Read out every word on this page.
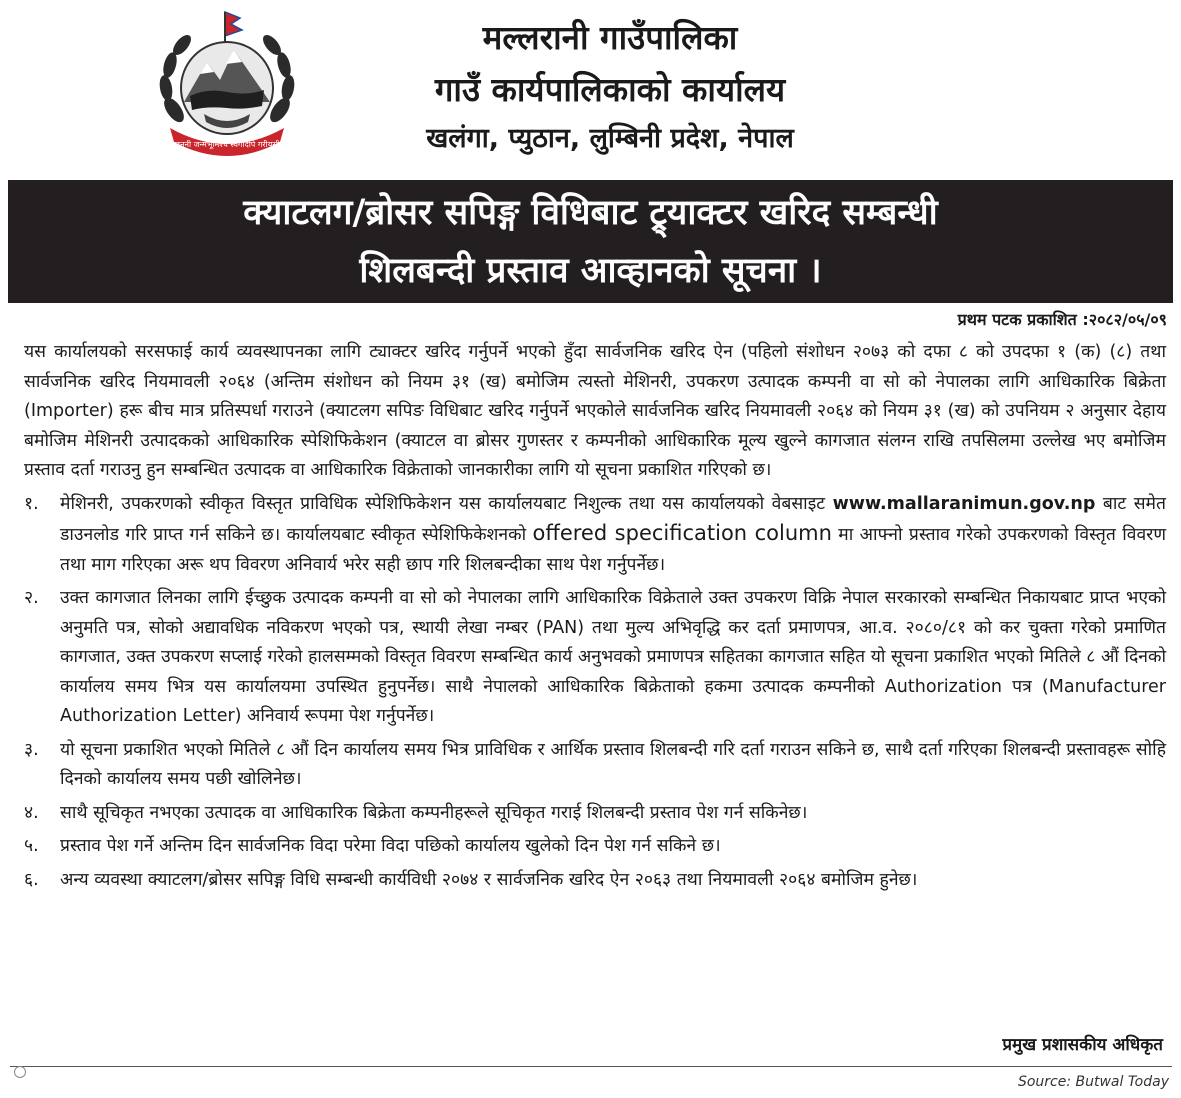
जननी जन्मभूमिश्च स्वर्गादपि गरीयसी
मल्लरानी गाउँपालिका
गाउँ कार्यपालिकाको कार्यालय
खलंगा, प्युठान, लुम्बिनी प्रदेश, नेपाल
क्याटलग/ब्रोसर सपिङ्ग विधिबाट ट्र्याक्टर खरिद सम्बन्धी
शिलबन्दी प्रस्ताव आव्हानको सूचना ।
प्रथम पटक प्रकाशित :२०८२/०५/०९

यस कार्यालयको सरसफाई कार्य व्यवस्थापनका लागि ट्याक्टर खरिद गर्नुपर्ने भएको हुँदा सार्वजनिक खरिद ऐन (पहिलो संशोधन २०७३ को दफा ८ को उपदफा १ (क) (८) तथा सार्वजनिक खरिद नियमावली २०६४ (अन्तिम संशोधन को नियम ३१ (ख) बमोजिम त्यस्तो मेशिनरी, उपकरण उत्पादक कम्पनी वा सो को नेपालका लागि आधिकारिक बिक्रेता (Importer) हरू बीच मात्र प्रतिस्पर्धा गराउने (क्याटलग सपिङ विधिबाट खरिद गर्नुपर्ने भएकोले सार्वजनिक खरिद नियमावली २०६४ को नियम ३१ (ख) को उपनियम २ अनुसार देहाय बमोजिम मेशिनरी उत्पादकको आधिकारिक स्पेशिफिकेशन (क्याटल वा ब्रोसर गुणस्तर र कम्पनीको आधिकारिक मूल्य खुल्ने कागजात संलग्न राखि तपसिलमा उल्लेख भए बमोजिम प्रस्ताव दर्ता गराउनु हुन सम्बन्धित उत्पादक वा आधिकारिक विक्रेताको जानकारीका लागि यो सूचना प्रकाशित गरिएको छ।

१.	मेशिनरी, उपकरणको स्वीकृत विस्तृत प्राविधिक स्पेशिफिकेशन यस कार्यालयबाट निशुल्क तथा यस कार्यालयको वेबसाइट www.mallaranimun.gov.np बाट समेत डाउनलोड गरि प्राप्त गर्न सकिने छ। कार्यालयबाट स्वीकृत स्पेशिफिकेशनको offered specification column मा आफ्नो प्रस्ताव गरेको उपकरणको विस्तृत विवरण तथा माग गरिएका अरू थप विवरण अनिवार्य भरेर सही छाप गरि शिलबन्दीका साथ पेश गर्नुपर्नेछ।
२.	उक्त कागजात लिनका लागि ईच्छुक उत्पादक कम्पनी वा सो को नेपालका लागि आधिकारिक विक्रेताले उक्त उपकरण विक्रि नेपाल सरकारको सम्बन्धित निकायबाट प्राप्त भएको अनुमति पत्र, सोको अद्यावधिक नविकरण भएको पत्र, स्थायी लेखा नम्बर (PAN) तथा मुल्य अभिवृद्धि कर दर्ता प्रमाणपत्र, आ.व. २०८०/८१ को कर चुक्ता गरेको प्रमाणित कागजात, उक्त उपकरण सप्लाई गरेको हालसम्मको विस्तृत विवरण सम्बन्धित कार्य अनुभवको प्रमाणपत्र सहितका कागजात सहित यो सूचना प्रकाशित भएको मितिले ८ औं दिनको कार्यालय समय भित्र यस कार्यालयमा उपस्थित हुनुपर्नेछ। साथै नेपालको आधिकारिक बिक्रेताको हकमा उत्पादक कम्पनीको Authorization पत्र (Manufacturer Authorization Letter) अनिवार्य रूपमा पेश गर्नुपर्नेछ।
३.	यो सूचना प्रकाशित भएको मितिले ८ औं दिन कार्यालय समय भित्र प्राविधिक र आर्थिक प्रस्ताव शिलबन्दी गरि दर्ता गराउन सकिने छ, साथै दर्ता गरिएका शिलबन्दी प्रस्तावहरू सोहि दिनको कार्यालय समय पछी खोलिनेछ।
४.	साथै सूचिकृत नभएका उत्पादक वा आधिकारिक बिक्रेता कम्पनीहरूले सूचिकृत गराई शिलबन्दी प्रस्ताव पेश गर्न सकिनेछ।
५.	प्रस्ताव पेश गर्ने अन्तिम दिन सार्वजनिक विदा परेमा विदा पछिको कार्यालय खुलेको दिन पेश गर्न सकिने छ।
६.	अन्य व्यवस्था क्याटलग/ब्रोसर सपिङ्ग विधि सम्बन्धी कार्यविधी २०७४ र सार्वजनिक खरिद ऐन २०६३ तथा नियमावली २०६४ बमोजिम हुनेछ।
प्रमुख प्रशासकीय अधिकृत
Source: Butwal Today
